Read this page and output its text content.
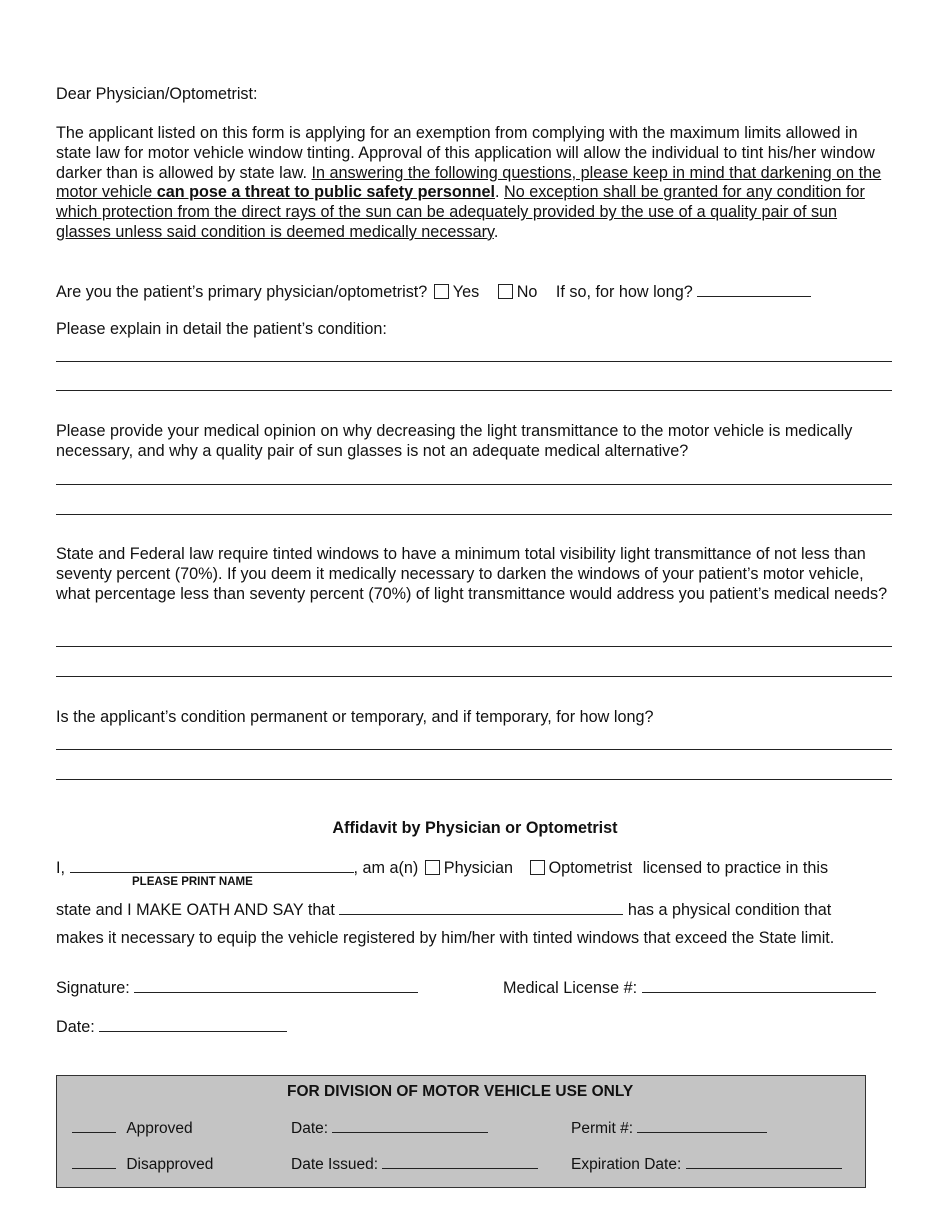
Dear Physician/Optometrist:
The applicant listed on this form is applying for an exemption from complying with the maximum limits allowed in state law for motor vehicle window tinting. Approval of this application will allow the individual to tint his/her window darker than is allowed by state law. In answering the following questions, please keep in mind that darkening on the motor vehicle can pose a threat to public safety personnel. No exception shall be granted for any condition for which protection from the direct rays of the sun can be adequately provided by the use of a quality pair of sun glasses unless said condition is deemed medically necessary.
Are you the patient’s primary physician/optometrist? Yes No If so, for how long?
Please explain in detail the patient’s condition:
Please provide your medical opinion on why decreasing the light transmittance to the motor vehicle is medically necessary, and why a quality pair of sun glasses is not an adequate medical alternative?
State and Federal law require tinted windows to have a minimum total visibility light transmittance of not less than seventy percent (70%). If you deem it medically necessary to darken the windows of your patient’s motor vehicle, what percentage less than seventy percent (70%) of light transmittance would address you patient’s medical needs?
Is the applicant’s condition permanent or temporary, and if temporary, for how long?
Affidavit by Physician or Optometrist
I,	, am a(n) Physician Optometrist licensed to practice in this
PLEASE PRINT NAME
state and I MAKE OATH AND SAY that	has a physical condition that
makes it necessary to equip the vehicle registered by him/her with tinted windows that exceed the State limit.
Signature:	Medical License #:
Date:
FOR DIVISION OF MOTOR VEHICLE USE ONLY
Approved	Date:	Permit #:
Disapproved	Date Issued:	Expiration Date:
